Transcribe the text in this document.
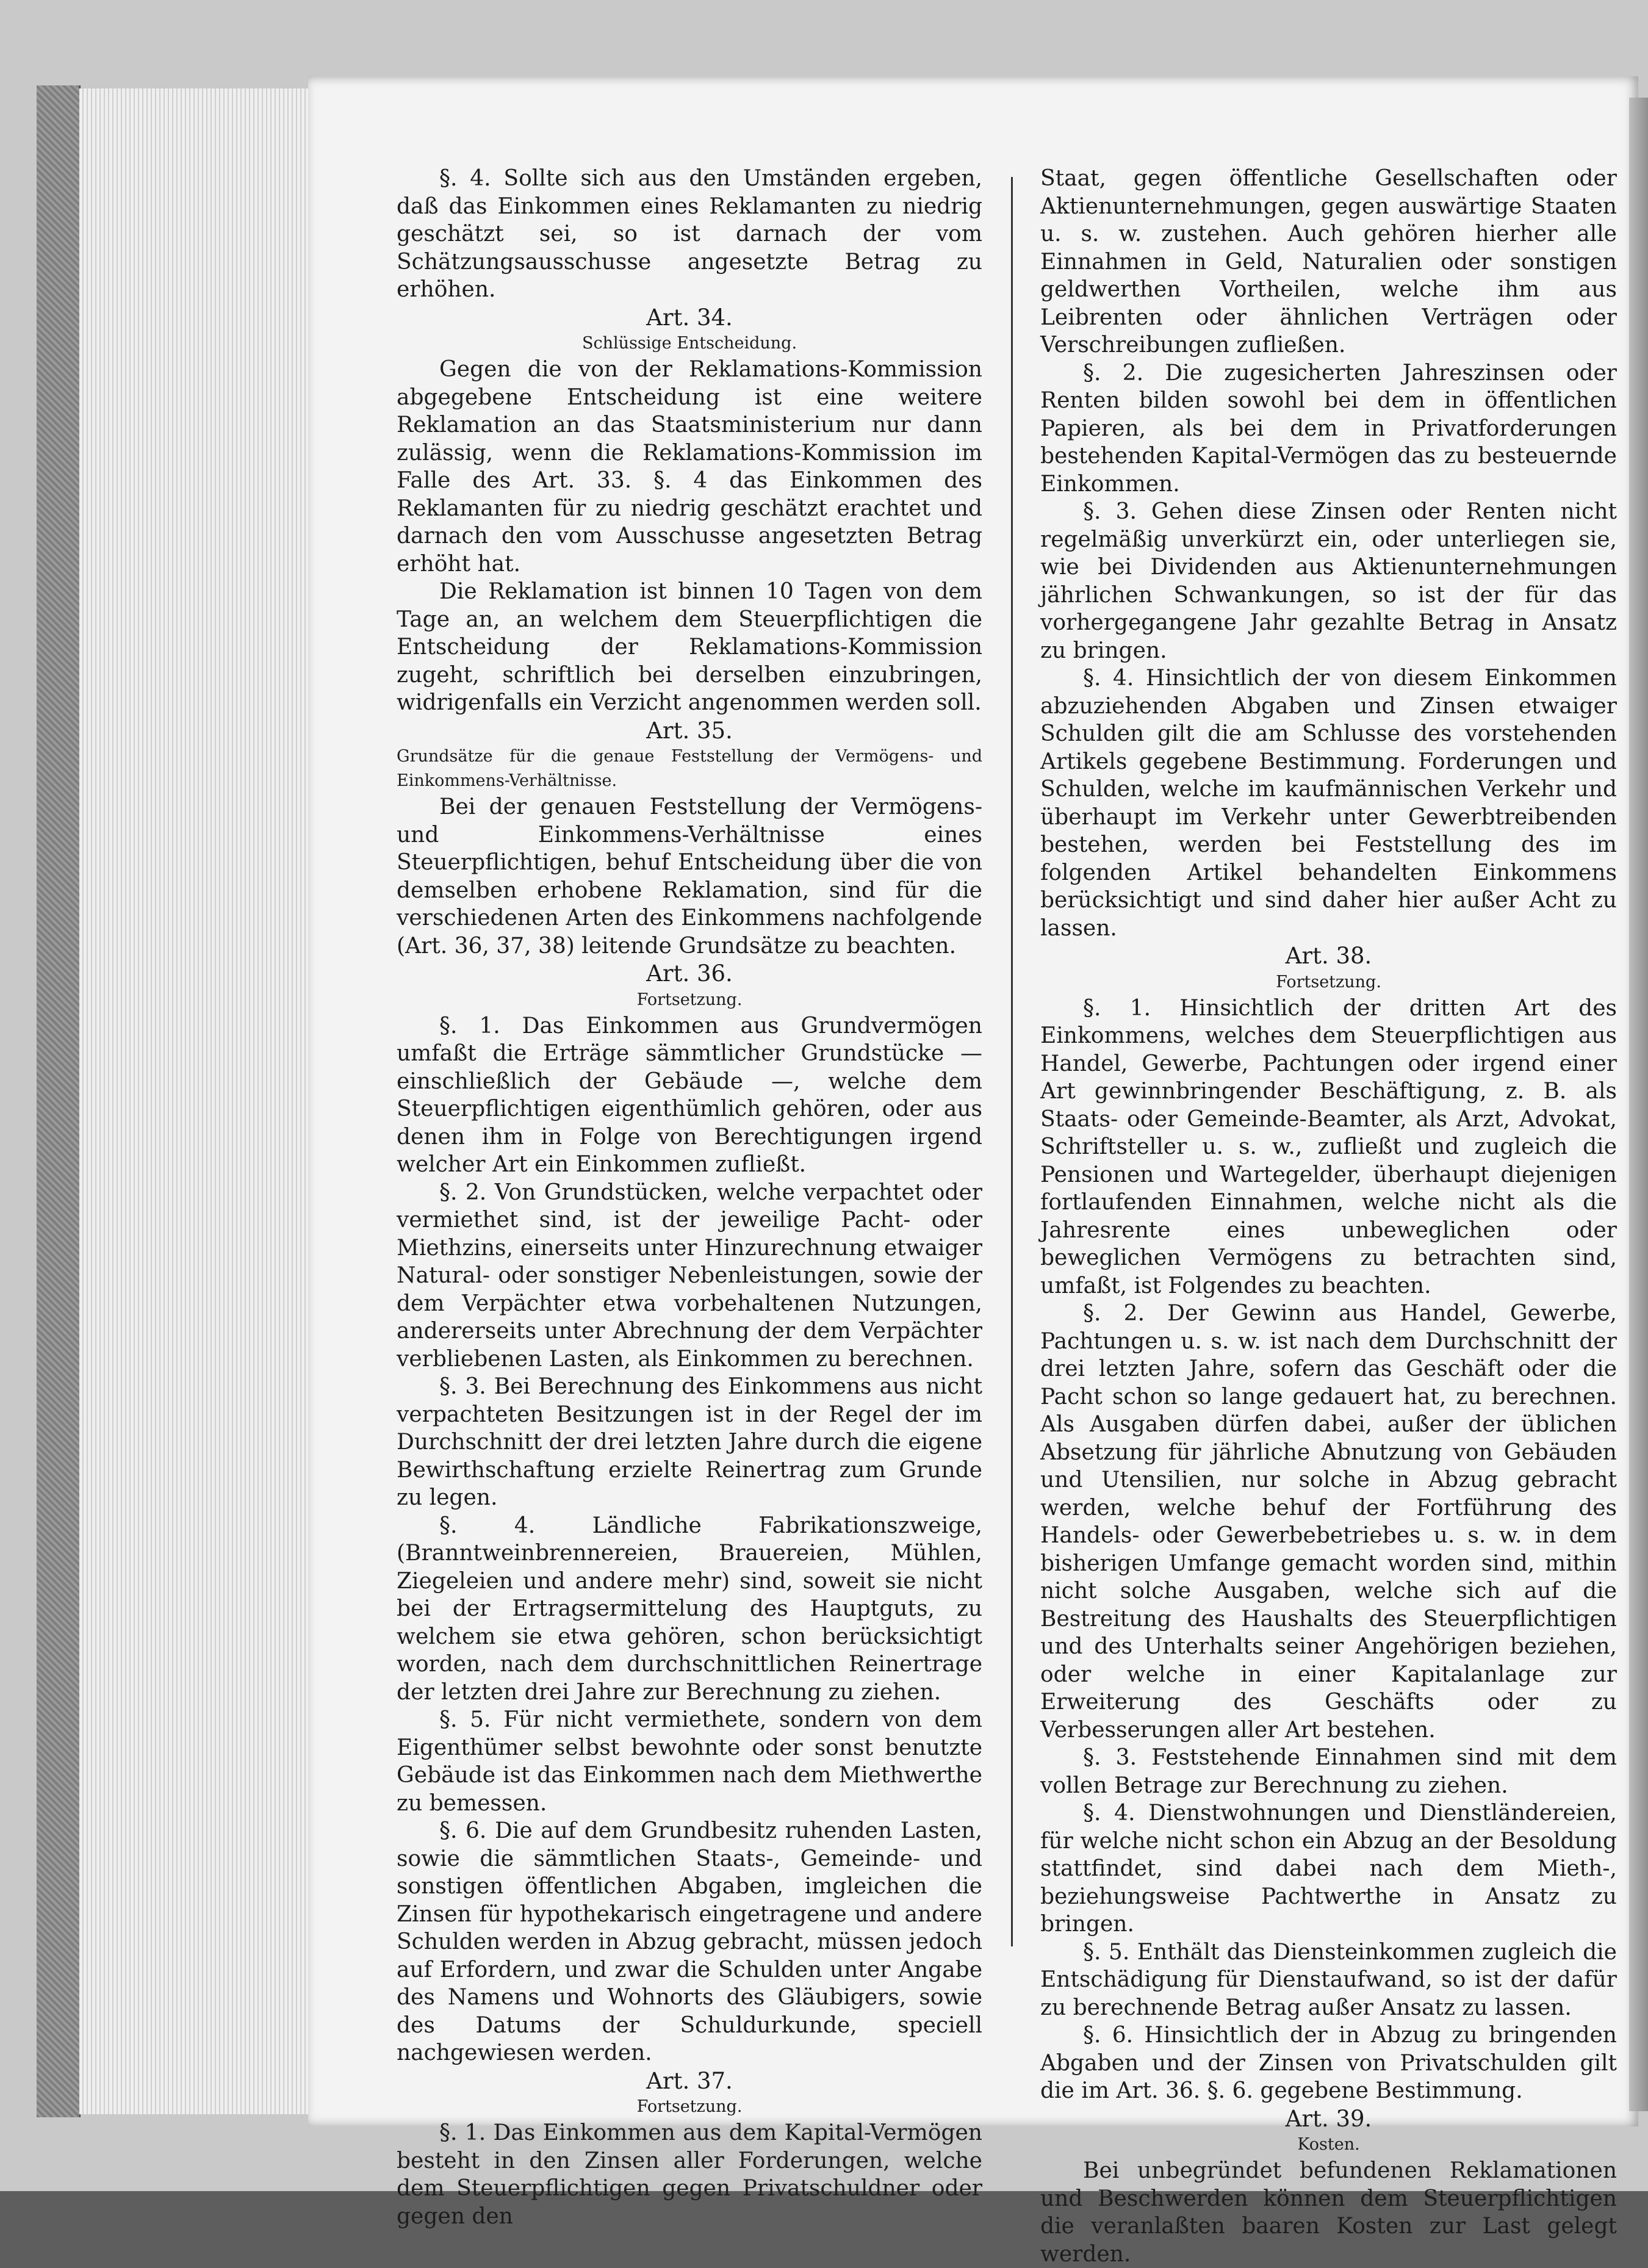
§. 4. Sollte sich aus den Umständen ergeben, daß das Einkommen eines Reklamanten zu niedrig geschätzt sei, so ist darnach der vom Schätzungsausschusse angesetzte Betrag zu erhöhen.

Art. 34.
Schlüssige Entscheidung.

Gegen die von der Reklamations-Kommission abgegebene Entscheidung ist eine weitere Reklamation an das Staatsministerium nur dann zulässig, wenn die Reklamations-Kommission im Falle des Art. 33. §. 4 das Einkommen des Reklamanten für zu niedrig geschätzt erachtet und darnach den vom Ausschusse angesetzten Betrag erhöht hat.

Die Reklamation ist binnen 10 Tagen von dem Tage an, an welchem dem Steuerpflichtigen die Entscheidung der Reklamations-Kommission zugeht, schriftlich bei derselben einzubringen, widrigenfalls ein Verzicht angenommen werden soll.

Art. 35.
Grundsätze für die genaue Feststellung der Vermögens- und Einkommens-Verhältnisse.

Bei der genauen Feststellung der Vermögens- und Einkommens-Verhältnisse eines Steuerpflichtigen, behuf Entscheidung über die von demselben erhobene Reklamation, sind für die verschiedenen Arten des Einkommens nachfolgende (Art. 36, 37, 38) leitende Grundsätze zu beachten.

Art. 36.
Fortsetzung.

§. 1. Das Einkommen aus Grundvermögen umfaßt die Erträge sämmtlicher Grundstücke — einschließlich der Gebäude —, welche dem Steuerpflichtigen eigenthümlich gehören, oder aus denen ihm in Folge von Berechtigungen irgend welcher Art ein Einkommen zufließt.

§. 2. Von Grundstücken, welche verpachtet oder vermiethet sind, ist der jeweilige Pacht- oder Miethzins, einerseits unter Hinzurechnung etwaiger Natural- oder sonstiger Nebenleistungen, sowie der dem Verpächter etwa vorbehaltenen Nutzungen, andererseits unter Abrechnung der dem Verpächter verbliebenen Lasten, als Einkommen zu berechnen.

§. 3. Bei Berechnung des Einkommens aus nicht verpachteten Besitzungen ist in der Regel der im Durchschnitt der drei letzten Jahre durch die eigene Bewirthschaftung erzielte Reinertrag zum Grunde zu legen.

§. 4. Ländliche Fabrikationszweige, (Branntweinbrennereien, Brauereien, Mühlen, Ziegeleien und andere mehr) sind, soweit sie nicht bei der Ertragsermittelung des Hauptguts, zu welchem sie etwa gehören, schon berücksichtigt worden, nach dem durchschnittlichen Reinertrage der letzten drei Jahre zur Berechnung zu ziehen.

§. 5. Für nicht vermiethete, sondern von dem Eigenthümer selbst bewohnte oder sonst benutzte Gebäude ist das Einkommen nach dem Miethwerthe zu bemessen.

§. 6. Die auf dem Grundbesitz ruhenden Lasten, sowie die sämmtlichen Staats-, Gemeinde- und sonstigen öffentlichen Abgaben, imgleichen die Zinsen für hypothekarisch eingetragene und andere Schulden werden in Abzug gebracht, müssen jedoch auf Erfordern, und zwar die Schulden unter Angabe des Namens und Wohnorts des Gläubigers, sowie des Datums der Schuldurkunde, speciell nachgewiesen werden.

Art. 37.
Fortsetzung.

§. 1. Das Einkommen aus dem Kapital-Vermögen besteht in den Zinsen aller Forderungen, welche dem Steuerpflichtigen gegen Privatschuldner oder gegen den

Staat, gegen öffentliche Gesellschaften oder Aktienunternehmungen, gegen auswärtige Staaten u. s. w. zustehen. Auch gehören hierher alle Einnahmen in Geld, Naturalien oder sonstigen geldwerthen Vortheilen, welche ihm aus Leibrenten oder ähnlichen Verträgen oder Verschreibungen zufließen.

§. 2. Die zugesicherten Jahreszinsen oder Renten bilden sowohl bei dem in öffentlichen Papieren, als bei dem in Privatforderungen bestehenden Kapital-Vermögen das zu besteuernde Einkommen.

§. 3. Gehen diese Zinsen oder Renten nicht regelmäßig unverkürzt ein, oder unterliegen sie, wie bei Dividenden aus Aktienunternehmungen jährlichen Schwankungen, so ist der für das vorhergegangene Jahr gezahlte Betrag in Ansatz zu bringen.

§. 4. Hinsichtlich der von diesem Einkommen abzuziehenden Abgaben und Zinsen etwaiger Schulden gilt die am Schlusse des vorstehenden Artikels gegebene Bestimmung. Forderungen und Schulden, welche im kaufmännischen Verkehr und überhaupt im Verkehr unter Gewerbtreibenden bestehen, werden bei Feststellung des im folgenden Artikel behandelten Einkommens berücksichtigt und sind daher hier außer Acht zu lassen.

Art. 38.
Fortsetzung.

§. 1. Hinsichtlich der dritten Art des Einkommens, welches dem Steuerpflichtigen aus Handel, Gewerbe, Pachtungen oder irgend einer Art gewinnbringender Beschäftigung, z. B. als Staats- oder Gemeinde-Beamter, als Arzt, Advokat, Schriftsteller u. s. w., zufließt und zugleich die Pensionen und Wartegelder, überhaupt diejenigen fortlaufenden Einnahmen, welche nicht als die Jahresrente eines unbeweglichen oder beweglichen Vermögens zu betrachten sind, umfaßt, ist Folgendes zu beachten.

§. 2. Der Gewinn aus Handel, Gewerbe, Pachtungen u. s. w. ist nach dem Durchschnitt der drei letzten Jahre, sofern das Geschäft oder die Pacht schon so lange gedauert hat, zu berechnen. Als Ausgaben dürfen dabei, außer der üblichen Absetzung für jährliche Abnutzung von Gebäuden und Utensilien, nur solche in Abzug gebracht werden, welche behuf der Fortführung des Handels- oder Gewerbebetriebes u. s. w. in dem bisherigen Umfange gemacht worden sind, mithin nicht solche Ausgaben, welche sich auf die Bestreitung des Haushalts des Steuerpflichtigen und des Unterhalts seiner Angehörigen beziehen, oder welche in einer Kapitalanlage zur Erweiterung des Geschäfts oder zu Verbesserungen aller Art bestehen.

§. 3. Feststehende Einnahmen sind mit dem vollen Betrage zur Berechnung zu ziehen.

§. 4. Dienstwohnungen und Dienstländereien, für welche nicht schon ein Abzug an der Besoldung stattfindet, sind dabei nach dem Mieth-, beziehungsweise Pachtwerthe in Ansatz zu bringen.

§. 5. Enthält das Diensteinkommen zugleich die Entschädigung für Dienstaufwand, so ist der dafür zu berechnende Betrag außer Ansatz zu lassen.

§. 6. Hinsichtlich der in Abzug zu bringenden Abgaben und der Zinsen von Privatschulden gilt die im Art. 36. §. 6. gegebene Bestimmung.

Art. 39.
Kosten.

Bei unbegründet befundenen Reklamationen und Beschwerden können dem Steuerpflichtigen die veranlaßten baaren Kosten zur Last gelegt werden.
